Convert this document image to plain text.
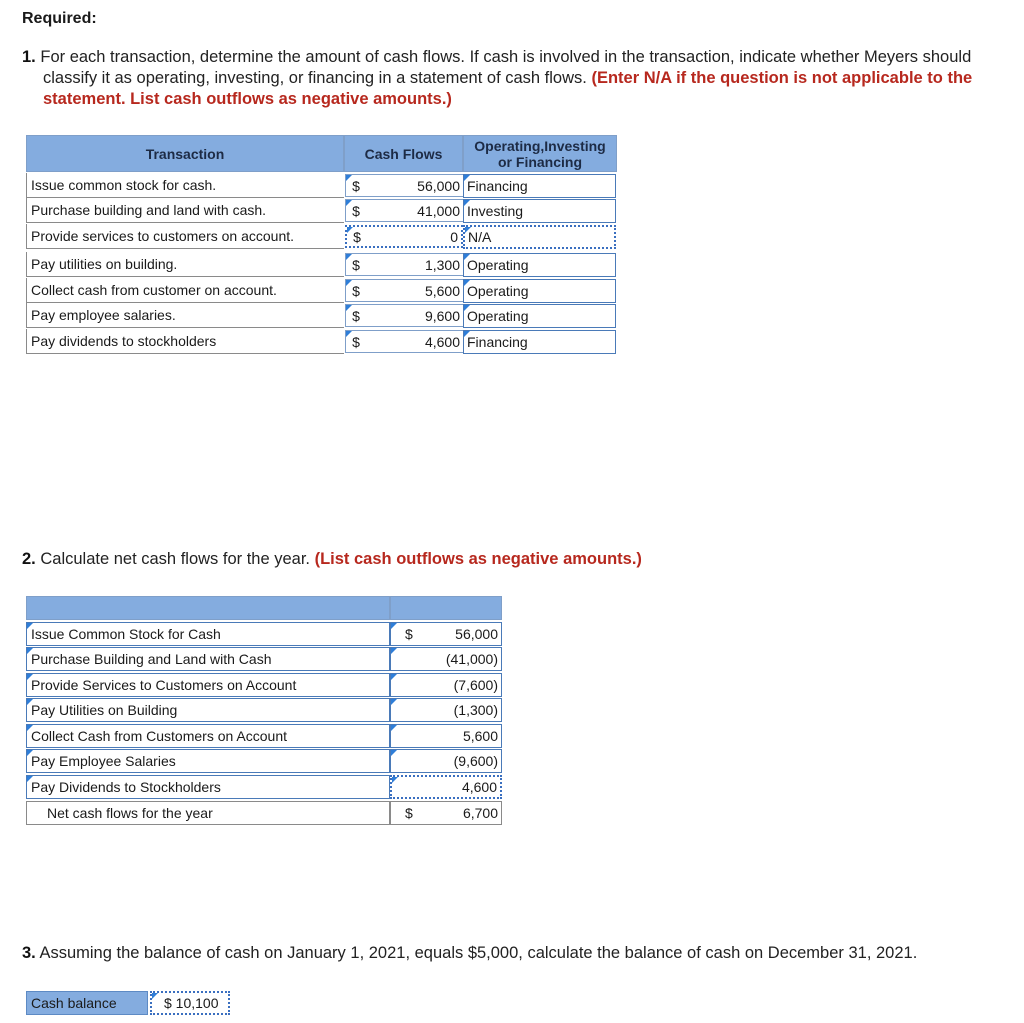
Required:
1. For each transaction, determine the amount of cash flows. If cash is involved in the transaction, indicate whether Meyers should
classify it as operating, investing, or financing in a statement of cash flows. (Enter N/A if the question is not applicable to the statement. List cash outflows as negative amounts.)
Transaction	Cash Flows	Operating,Investing or Financing
Issue common stock for cash.	$	56,000 Financing
Purchase building and land with cash.	$	41,000 Investing
Provide services to customers on account.	$	0 N/A
Pay utilities on building.	$	1,300 Operating
Collect cash from customer on account.	$	5,600 Operating
Pay employee salaries.	$	9,600 Operating
Pay dividends to stockholders	$	4,600 Financing
2. Calculate net cash flows for the year. (List cash outflows as negative amounts.)
Issue Common Stock for Cash	$	56,000
Purchase Building and Land with Cash	(41,000)
Provide Services to Customers on Account	(7,600)
Pay Utilities on Building	(1,300)
Collect Cash from Customers on Account	5,600
Pay Employee Salaries	(9,600)
Pay Dividends to Stockholders	4,600
Net cash flows for the year	$	6,700
3. Assuming the balance of cash on January 1, 2021, equals $5,000, calculate the balance of cash on December 31, 2021.
Cash balance	$ 10,100
